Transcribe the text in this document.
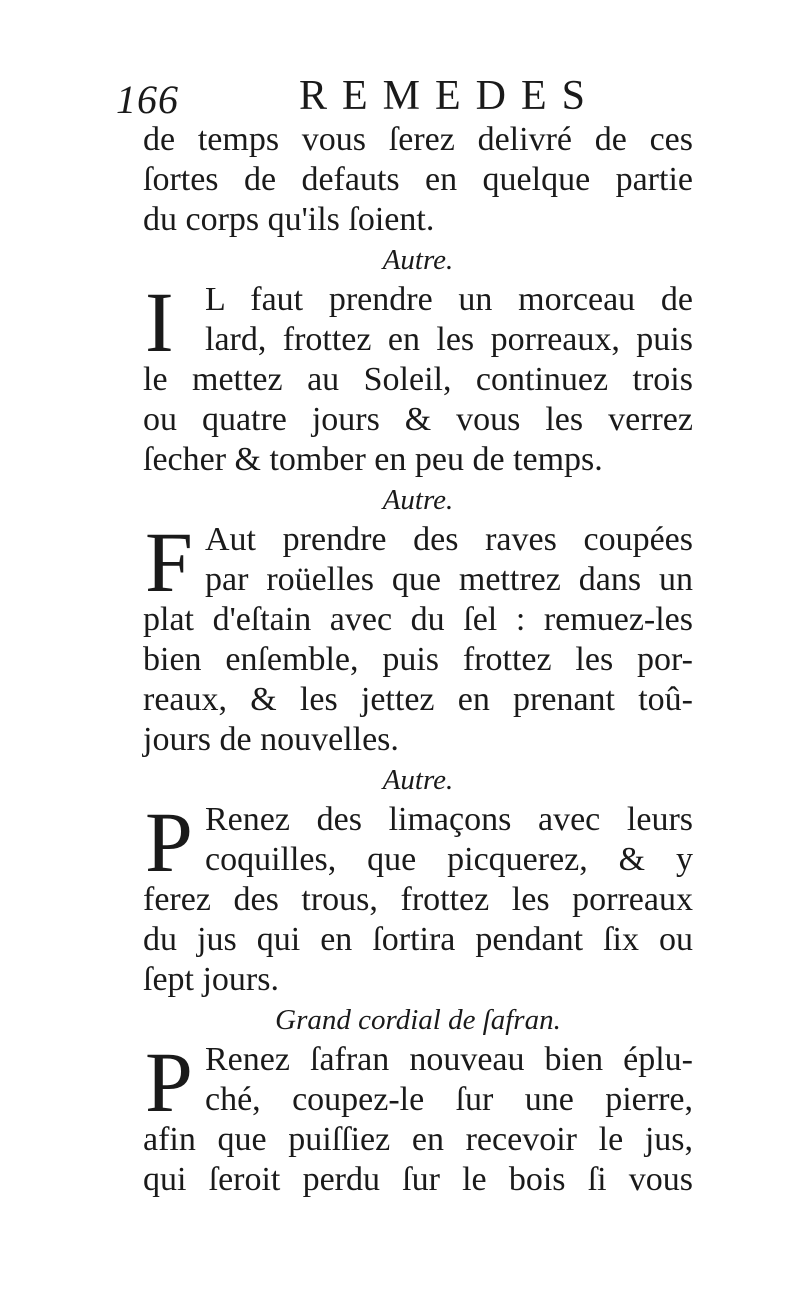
166	REMEDES
de temps vous ſerez delivré de ces
ſortes de defauts en quelque partie
du corps qu'ils ſoient.
Autre.
I L faut prendre un morceau de
lard, frottez en les porreaux, puis
le mettez au Soleil, continuez trois
ou quatre jours & vous les verrez
ſecher & tomber en peu de temps.
Autre.
F Aut prendre des raves coupées
par roüelles que mettrez dans un
plat d'eſtain avec du ſel : remuez-les
bien enſemble, puis frottez les por-
reaux, & les jettez en prenant toû-
jours de nouvelles.
Autre.
P Renez des limaçons avec leurs
coquilles, que picquerez, & y
ferez des trous, frottez les porreaux
du jus qui en ſortira pendant ſix ou
ſept jours.
Grand cordial de ſafran.
P Renez ſafran nouveau bien éplu-
ché, coupez-le ſur une pierre,
afin que puiſſiez en recevoir le jus,
qui ſeroit perdu ſur le bois ſi vous
